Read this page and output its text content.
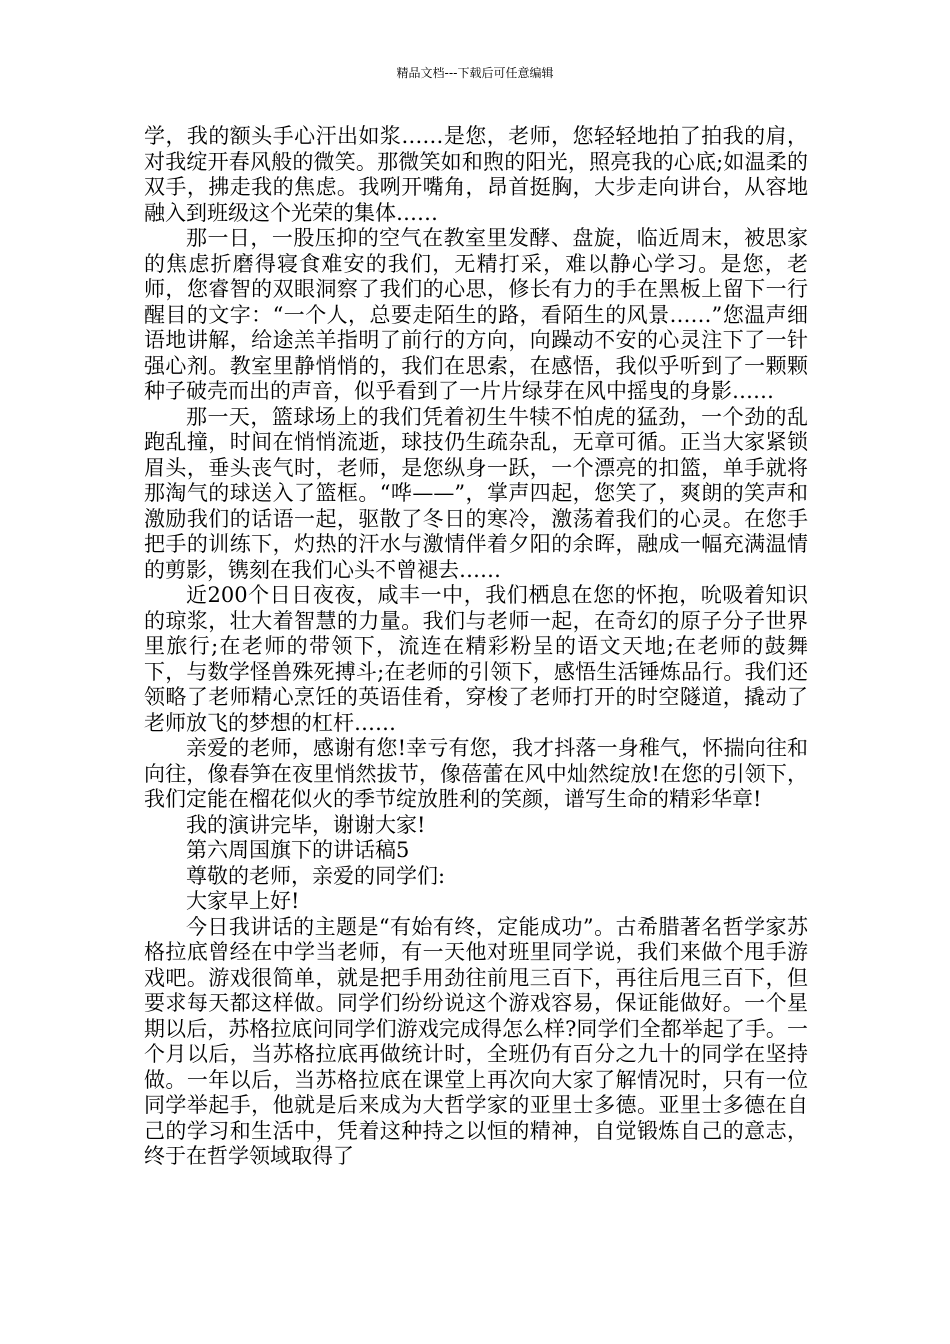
精品文档---下载后可任意编辑

学，我的额头手心汗出如浆……是您，老师，您轻轻地拍了拍我的肩，对我绽开春风般的微笑。那微笑如和煦的阳光，照亮我的心底;如温柔的双手，拂走我的焦虑。我咧开嘴角，昂首挺胸，大步走向讲台，从容地融入到班级这个光荣的集体……

那一日，一股压抑的空气在教室里发酵、盘旋，临近周末，被思家的焦虑折磨得寝食难安的我们，无精打采，难以静心学习。是您，老师，您睿智的双眼洞察了我们的心思，修长有力的手在黑板上留下一行醒目的文字：“一个人，总要走陌生的路，看陌生的风景……”您温声细语地讲解，给途羔羊指明了前行的方向，向躁动不安的心灵注下了一针强心剂。教室里静悄悄的，我们在思索，在感悟，我似乎听到了一颗颗种子破壳而出的声音，似乎看到了一片片绿芽在风中摇曳的身影……

那一天，篮球场上的我们凭着初生牛犊不怕虎的猛劲，一个劲的乱跑乱撞，时间在悄悄流逝，球技仍生疏杂乱，无章可循。正当大家紧锁眉头，垂头丧气时，老师，是您纵身一跃，一个漂亮的扣篮，单手就将那淘气的球送入了篮框。“哗——”，掌声四起，您笑了，爽朗的笑声和激励我们的话语一起，驱散了冬日的寒冷，激荡着我们的心灵。在您手把手的训练下，灼热的汗水与激情伴着夕阳的余晖，融成一幅充满温情的剪影，镌刻在我们心头不曾褪去……

近200个日日夜夜，咸丰一中，我们栖息在您的怀抱，吮吸着知识的琼浆，壮大着智慧的力量。我们与老师一起，在奇幻的原子分子世界里旅行;在老师的带领下，流连在精彩粉呈的语文天地;在老师的鼓舞下，与数学怪兽殊死搏斗;在老师的引领下，感悟生活锤炼品行。我们还领略了老师精心烹饪的英语佳肴，穿梭了老师打开的时空隧道，撬动了老师放飞的梦想的杠杆……

亲爱的老师，感谢有您!幸亏有您，我才抖落一身稚气，怀揣向往和向往，像春笋在夜里悄然拔节，像蓓蕾在风中灿然绽放!在您的引领下，我们定能在榴花似火的季节绽放胜利的笑颜，谱写生命的精彩华章!

我的演讲完毕，谢谢大家!

第六周国旗下的讲话稿5

尊敬的老师，亲爱的同学们:

大家早上好!

今日我讲话的主题是“有始有终，定能成功”。古希腊著名哲学家苏格拉底曾经在中学当老师，有一天他对班里同学说，我们来做个甩手游戏吧。游戏很简单，就是把手用劲往前甩三百下，再往后甩三百下，但要求每天都这样做。同学们纷纷说这个游戏容易，保证能做好。一个星期以后，苏格拉底问同学们游戏完成得怎么样?同学们全都举起了手。一个月以后，当苏格拉底再做统计时，全班仍有百分之九十的同学在坚持做。一年以后，当苏格拉底在课堂上再次向大家了解情况时，只有一位同学举起手，他就是后来成为大哲学家的亚里士多德。亚里士多德在自己的学习和生活中，凭着这种持之以恒的精神，自觉锻炼自己的意志，终于在哲学领域取得了
